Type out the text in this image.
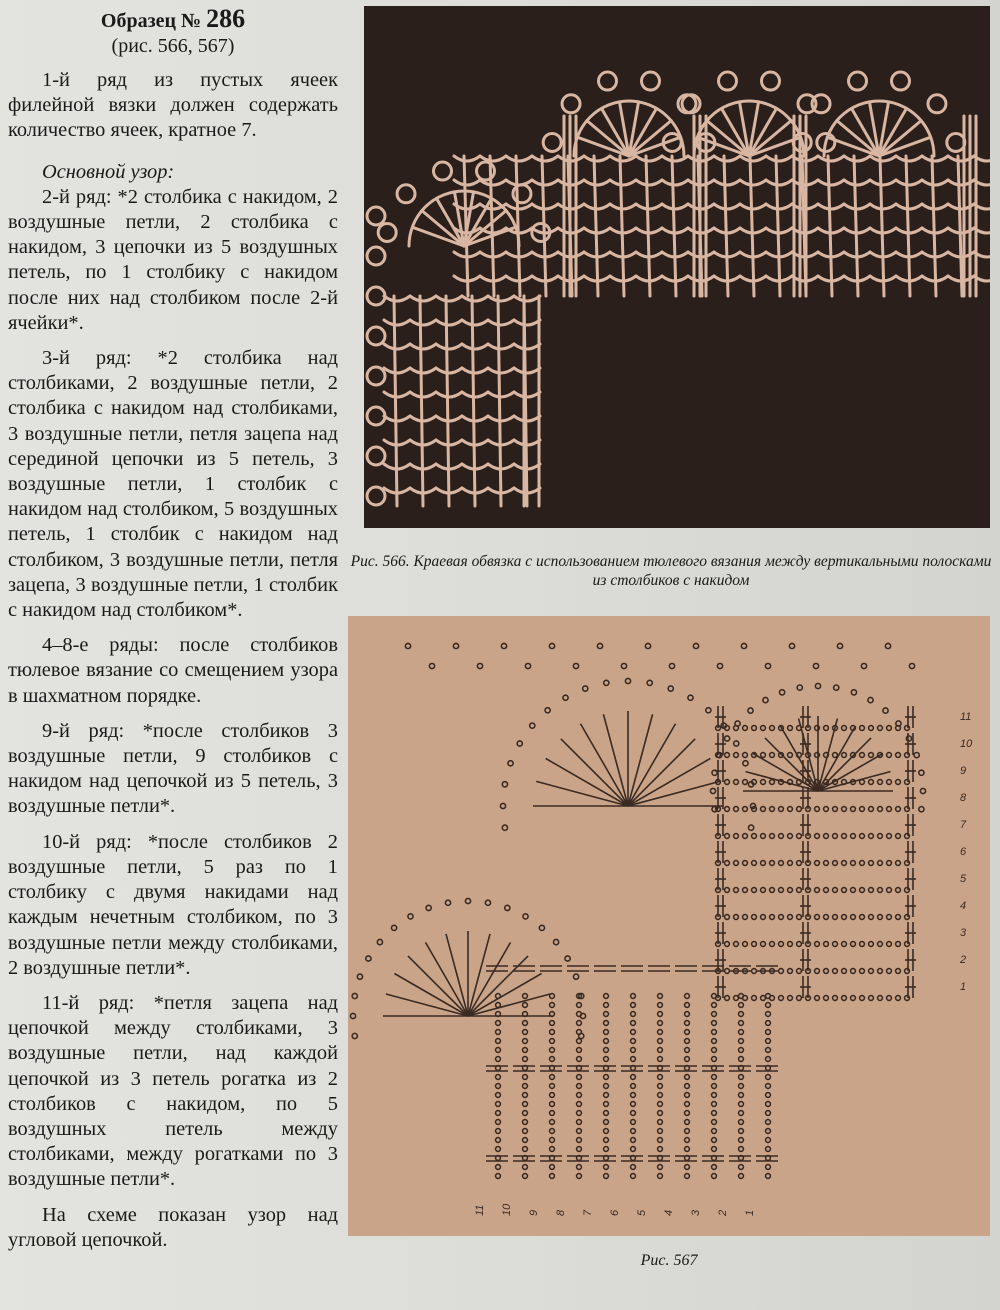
Образец № 286

(рис. 566, 567)

1-й ряд из пустых ячеек филейной вязки должен содержать количество ячеек, кратное 7.

Основной узор:

2-й ряд: *2 столбика с накидом, 2 воздушные петли, 2 столбика с накидом, 3 цепочки из 5 воздушных петель, по 1 столбику с накидом после них над столбиком после 2-й ячейки*.

3-й ряд: *2 столбика над столбиками, 2 воздушные петли, 2 столбика с накидом над столбиками, 3 воздушные петли, петля зацепа над серединой цепочки из 5 петель, 3 воздушные петли, 1 столбик с накидом над столбиком, 5 воздушных петель, 1 столбик с накидом над столбиком, 3 воздушные петли, петля зацепа, 3 воздушные петли, 1 столбик с накидом над столбиком*.

4–8-е ряды: после столбиков тюлевое вязание со смещением узора в шахматном порядке.

9-й ряд: *после столбиков 3 воздушные петли, 9 столбиков с накидом над цепочкой из 5 петель, 3 воздушные петли*.

10-й ряд: *после столбиков 2 воздушные петли, 5 раз по 1 столбику с двумя накидами над каждым нечетным столбиком, по 3 воздушные петли между столбиками, 2 воздушные петли*.

11-й ряд: *петля зацепа над цепочкой между столбиками, 3 воздушные петли, над каждой цепочкой из 3 петель рогатка из 2 столбиков с накидом, по 5 воздушных петель между столбиками, между рогатками по 3 воздушные петли*.

На схеме показан узор над угловой цепочкой.

Рис. 566. Краевая обвязка с использованием тюлевого вязания между вертикальными полосками из столбиков с накидом
11
10
9
8
7
6
5
4
3
2
1
11 10 9 8 7 6 5 4 3 2 1
Рис. 567
